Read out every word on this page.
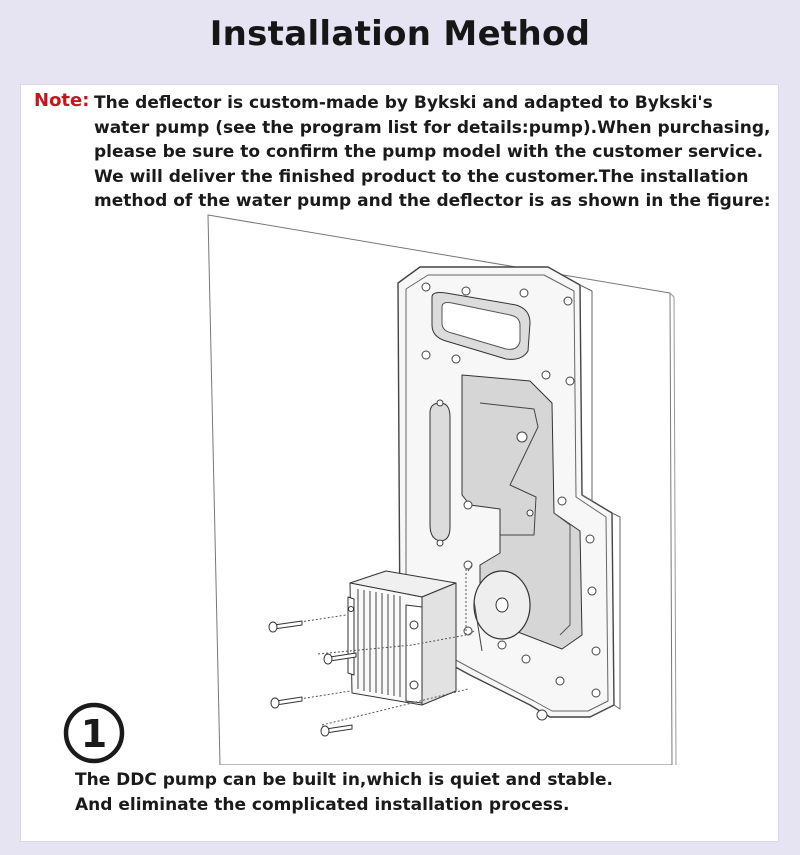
Installation Method
Note: The deflector is custom-made by Bykski and adapted to Bykski's
water pump (see the program list for details:pump).When purchasing,
please be sure to confirm the pump model with the customer service.
We will deliver the finished product to the customer.The installation
method of the water pump and the deflector is as shown in the figure:
1
The DDC pump can be built in,which is quiet and stable.
And eliminate the complicated installation process.
